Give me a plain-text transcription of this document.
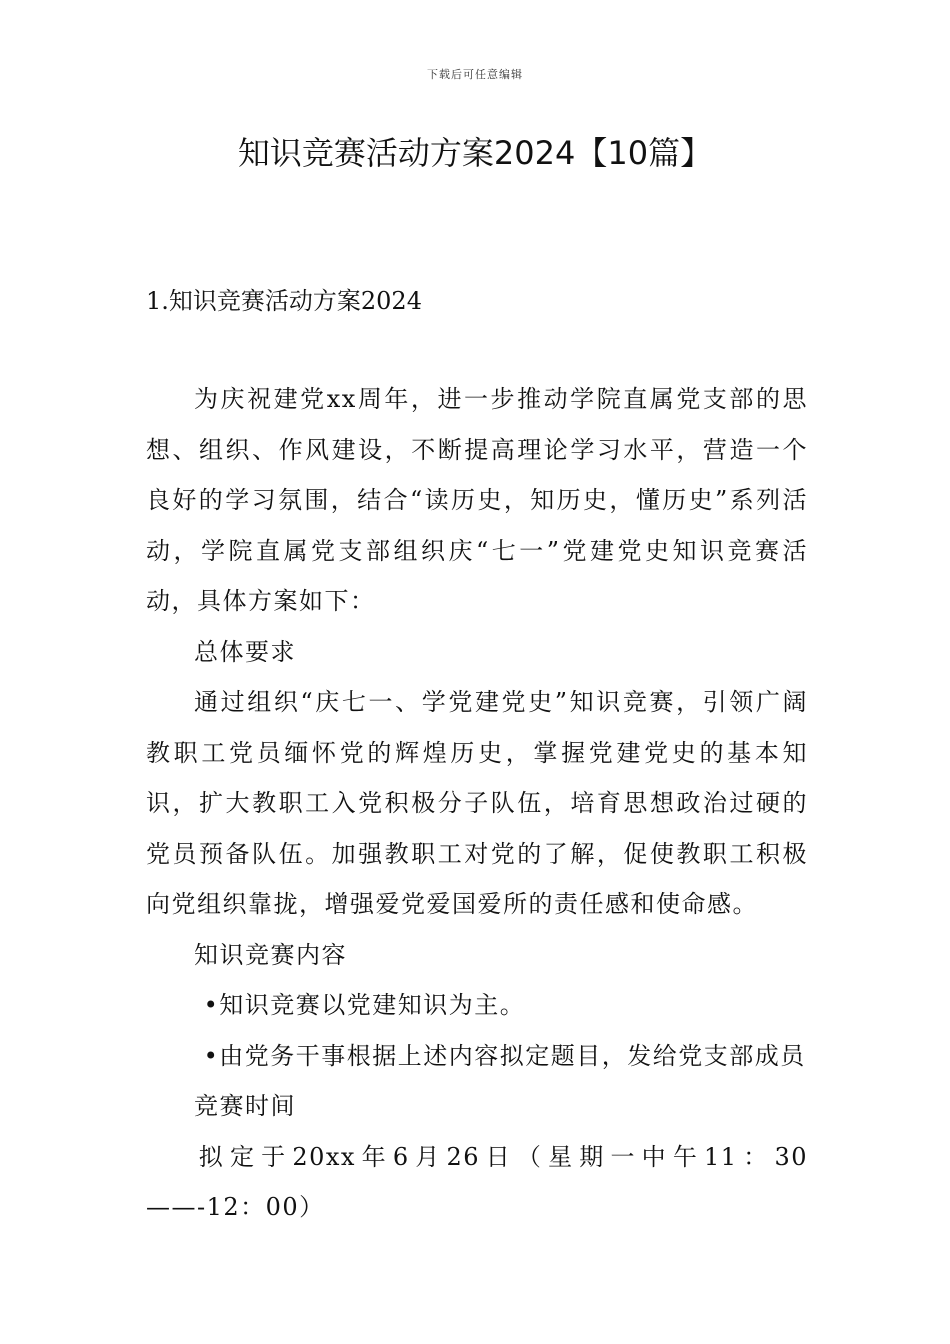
下载后可任意编辑
知识竞赛活动方案2024【10篇】
1.知识竞赛活动方案2024

为庆祝建党xx周年，进一步推动学院直属党支部的思想、组织、作风建设，不断提高理论学习水平，营造一个良好的学习氛围，结合“读历史，知历史，懂历史”系列活动，学院直属党支部组织庆“七一”党建党史知识竞赛活动，具体方案如下：

总体要求

通过组织“庆七一、学党建党史”知识竞赛，引领广阔教职工党员缅怀党的辉煌历史，掌握党建党史的基本知识，扩大教职工入党积极分子队伍，培育思想政治过硬的党员预备队伍。加强教职工对党的了解，促使教职工积极向党组织靠拢，增强爱党爱国爱所的责任感和使命感。

知识竞赛内容

•知识竞赛以党建知识为主。

•由党务干事根据上述内容拟定题目，发给党支部成员

竞赛时间

拟定于20xx年6月26日（星期一中午11：30——-12：00）
